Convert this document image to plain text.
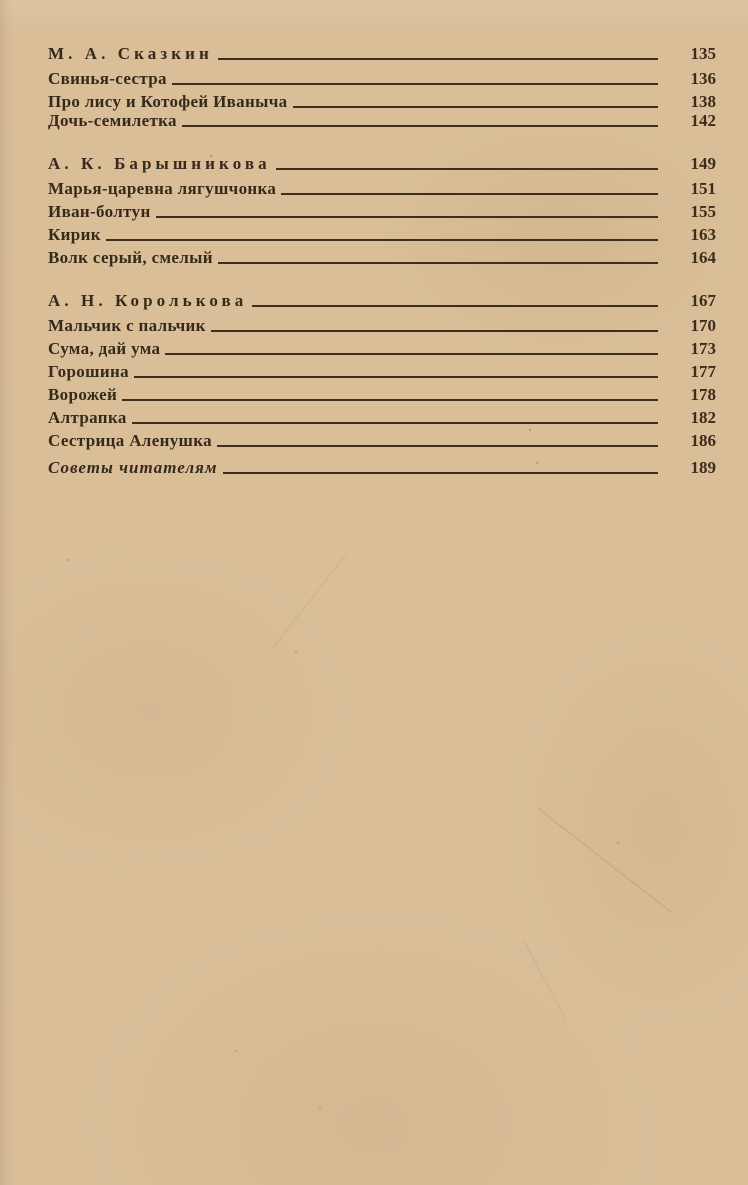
М. А. Сказкин	135
Свинья-сестра	136
Про лису и Котофей Иваныча	138
Дочь-семилетка	142
А. К. Барышникова	149
Марья-царевна лягушчонка	151
Иван-болтун	155
Кирик	163
Волк серый, смелый	164
А. Н. Королькова	167
Мальчик с пальчик	170
Сума, дай ума	173
Горошина	177
Ворожей	178
Алтрапка	182
Сестрица Аленушка	186
Советы читателям	189
